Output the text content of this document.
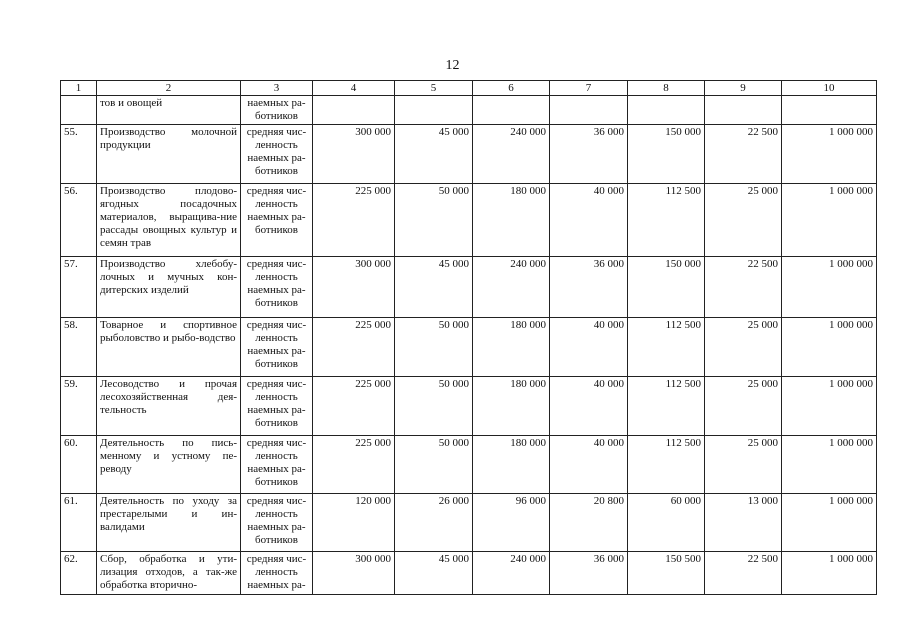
12
1	2	3	4	5	6	7	8	9	10
	тов и овощей	наемных ра-
ботников							
55.	Производство молочной продукции	средняя чис-
ленность
наемных ра-
ботников	300 000	45 000	240 000	36 000	150 000	22 500	1 000 000
56.	Производство плодово-ягодных посадочных материалов, выращива-ние рассады овощных культур и семян трав	средняя чис-
ленность
наемных ра-
ботников	225 000	50 000	180 000	40 000	112 500	25 000	1 000 000
57.	Производство хлебобу-лочных и мучных кон-дитерских изделий	средняя чис-
ленность
наемных ра-
ботников	300 000	45 000	240 000	36 000	150 000	22 500	1 000 000
58.	Товарное и спортивное рыболовство и рыбо-водство	средняя чис-
ленность
наемных ра-
ботников	225 000	50 000	180 000	40 000	112 500	25 000	1 000 000
59.	Лесоводство и прочая лесохозяйственная дея-тельность	средняя чис-
ленность
наемных ра-
ботников	225 000	50 000	180 000	40 000	112 500	25 000	1 000 000
60.	Деятельность по пись-менному и устному пе-реводу	средняя чис-
ленность
наемных ра-
ботников	225 000	50 000	180 000	40 000	112 500	25 000	1 000 000
61.	Деятельность по уходу за престарелыми и ин-валидами	средняя чис-
ленность
наемных ра-
ботников	120 000	26 000	96 000	20 800	60 000	13 000	1 000 000
62.	Сбор, обработка и ути-лизация отходов, а так-же обработка вторично-	средняя чис-
ленность
наемных ра-	300 000	45 000	240 000	36 000	150 500	22 500	1 000 000
